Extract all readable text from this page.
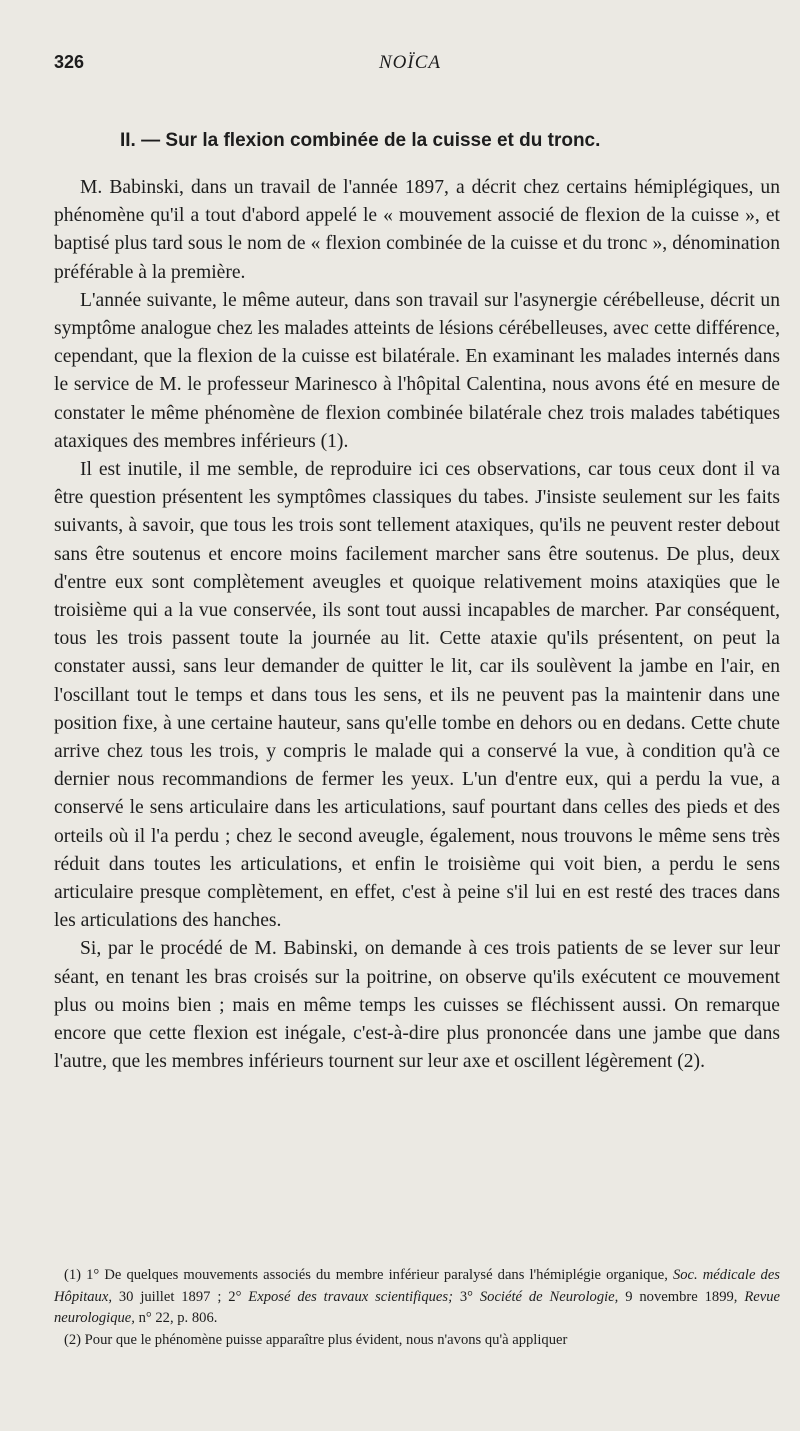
326	NOÏCA
II. — Sur la flexion combinée de la cuisse et du tronc.

M. Babinski, dans un travail de l'année 1897, a décrit chez certains hémiplégiques, un phénomène qu'il a tout d'abord appelé le « mouvement associé de flexion de la cuisse », et baptisé plus tard sous le nom de « flexion combinée de la cuisse et du tronc », dénomination préférable à la première.

L'année suivante, le même auteur, dans son travail sur l'asynergie cérébelleuse, décrit un symptôme analogue chez les malades atteints de lésions cérébelleuses, avec cette différence, cependant, que la flexion de la cuisse est bilatérale. En examinant les malades internés dans le service de M. le professeur Marinesco à l'hôpital Calentina, nous avons été en mesure de constater le même phénomène de flexion combinée bilatérale chez trois malades tabétiques ataxiques des membres inférieurs (1).

Il est inutile, il me semble, de reproduire ici ces observations, car tous ceux dont il va être question présentent les symptômes classiques du tabes. J'insiste seulement sur les faits suivants, à savoir, que tous les trois sont tellement ataxiques, qu'ils ne peuvent rester debout sans être soutenus et encore moins facilement marcher sans être soutenus. De plus, deux d'entre eux sont complètement aveugles et quoique relativement moins ataxiqües que le troisième qui a la vue conservée, ils sont tout aussi incapables de marcher. Par conséquent, tous les trois passent toute la journée au lit. Cette ataxie qu'ils présentent, on peut la constater aussi, sans leur demander de quitter le lit, car ils soulèvent la jambe en l'air, en l'oscillant tout le temps et dans tous les sens, et ils ne peuvent pas la maintenir dans une position fixe, à une certaine hauteur, sans qu'elle tombe en dehors ou en dedans. Cette chute arrive chez tous les trois, y compris le malade qui a conservé la vue, à condition qu'à ce dernier nous recommandions de fermer les yeux. L'un d'entre eux, qui a perdu la vue, a conservé le sens articulaire dans les articulations, sauf pourtant dans celles des pieds et des orteils où il l'a perdu ; chez le second aveugle, également, nous trouvons le même sens très réduit dans toutes les articulations, et enfin le troisième qui voit bien, a perdu le sens articulaire presque complètement, en effet, c'est à peine s'il lui en est resté des traces dans les articulations des hanches.

Si, par le procédé de M. Babinski, on demande à ces trois patients de se lever sur leur séant, en tenant les bras croisés sur la poitrine, on observe qu'ils exécutent ce mouvement plus ou moins bien ; mais en même temps les cuisses se fléchissent aussi. On remarque encore que cette flexion est inégale, c'est-à-dire plus prononcée dans une jambe que dans l'autre, que les membres inférieurs tournent sur leur axe et oscillent légèrement (2).

(1) 1° De quelques mouvements associés du membre inférieur paralysé dans l'hémiplégie organique, Soc. médicale des Hôpitaux, 30 juillet 1897 ; 2° Exposé des travaux scientifiques; 3° Société de Neurologie, 9 novembre 1899, Revue neurologique, n° 22, p. 806.

(2) Pour que le phénomène puisse apparaître plus évident, nous n'avons qu'à appliquer
